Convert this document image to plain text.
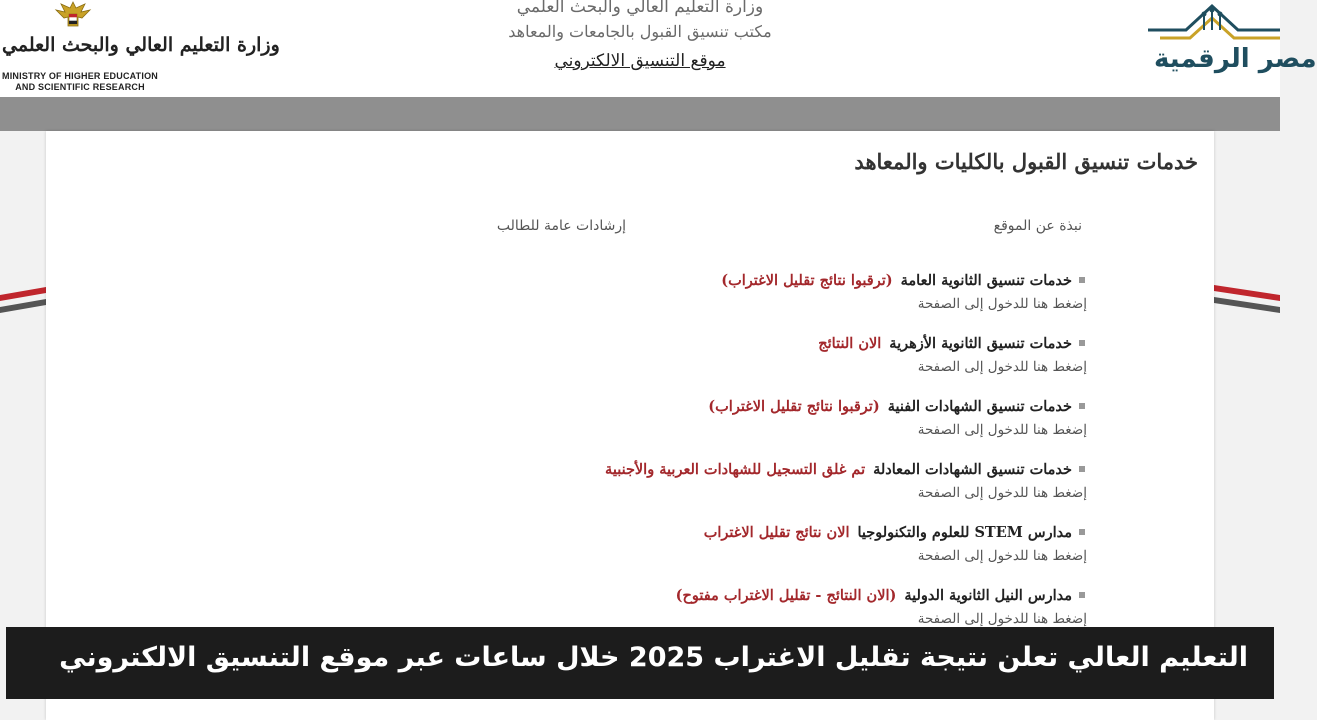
وزارة التعليم العالي والبحث العلمي
MINISTRY OF HIGHER EDUCATION
AND SCIENTIFIC RESEARCH
وزارة التعليم العالي والبحث العلمي
مكتب تنسيق القبول بالجامعات والمعاهد
موقع التنسيق الالكتروني	مصر الرقمية
خدمات تنسيق القبول بالكليات والمعاهد
نبذة عن الموقع
إرشادات عامة للطالب
خدمات تنسيق الثانوية العامة(ترقبوا نتائج تقليل الاغتراب)
إضغط هنا للدخول إلى الصفحة
خدمات تنسيق الثانوية الأزهريةالان النتائج
إضغط هنا للدخول إلى الصفحة
خدمات تنسيق الشهادات الفنية(ترقبوا نتائج تقليل الاغتراب)
إضغط هنا للدخول إلى الصفحة
خدمات تنسيق الشهادات المعادلةتم غلق التسجيل للشهادات العربية والأجنبية
إضغط هنا للدخول إلى الصفحة
مدارس STEM للعلوم والتكنولوجياالان نتائج تقليل الاغتراب
إضغط هنا للدخول إلى الصفحة
مدارس النيل الثانوية الدولية(الان النتائج - تقليل الاغتراب مفتوح)
إضغط هنا للدخول إلى الصفحة
التعليم العالي تعلن نتيجة تقليل الاغتراب 2025 خلال ساعات عبر موقع التنسيق الالكتروني
